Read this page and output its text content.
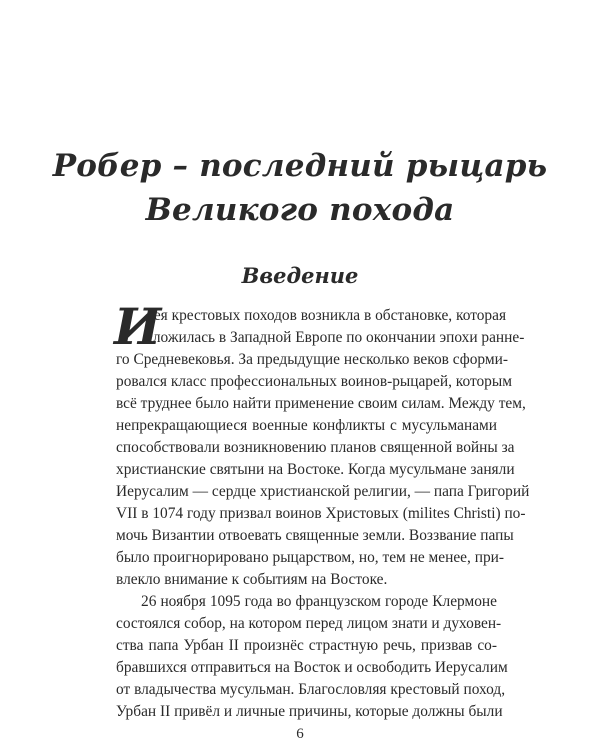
Робер – последний рыцарь
Великого похода
Введение
И
дея крестовых походов возникла в обстановке, которая
сложилась в Западной Европе по окончании эпохи ранне-
го Средневековья. За предыдущие несколько веков сформи-
ровался класс профессиональных воинов-рыцарей, которым
всё труднее было найти применение своим силам. Между тем,
непрекращающиеся военные конфликты с мусульманами
способствовали возникновению планов священной войны за
христианские святыни на Востоке. Когда мусульмане заняли
Иерусалим — сердце христианской религии, — папа Григорий
VII в 1074 году призвал воинов Христовых (milites Christi) по-
мочь Византии отвоевать священные земли. Воззвание папы
было проигнорировано рыцарством, но, тем не менее, при-
влекло внимание к событиям на Востоке.
26 ноября 1095 года во французском городе Клермоне
состоялся собор, на котором перед лицом знати и духовен-
ства папа Урбан II произнёс страстную речь, призвав со-
бравшихся отправиться на Восток и освободить Иерусалим
от владычества мусульман. Благословляя крестовый поход,
Урбан II привёл и личные причины, которые должны были
6
